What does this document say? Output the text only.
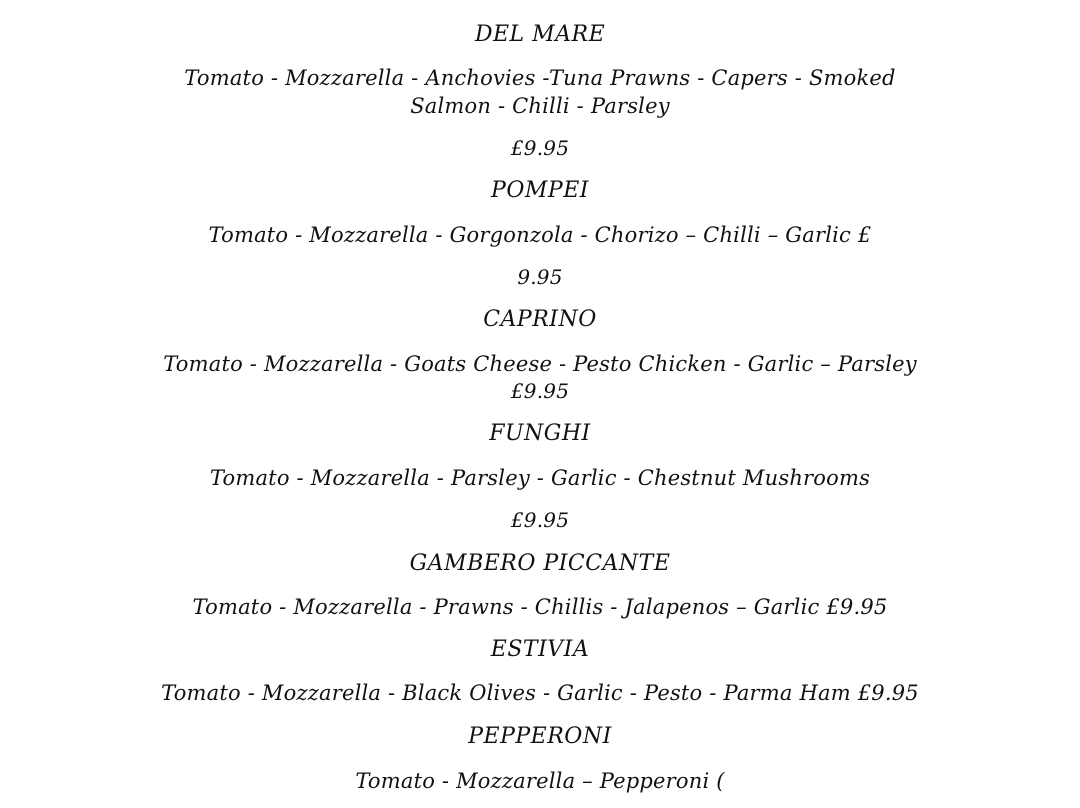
DEL MARE
Tomato - Mozzarella - Anchovies -Tuna Prawns - Capers - Smoked
Salmon - Chilli - Parsley
£9.95
POMPEI
Tomato - Mozzarella - Gorgonzola - Chorizo – Chilli – Garlic £
9.95
CAPRINO
Tomato - Mozzarella - Goats Cheese - Pesto Chicken - Garlic – Parsley
£9.95
FUNGHI
Tomato - Mozzarella - Parsley - Garlic - Chestnut Mushrooms
£9.95
GAMBERO PICCANTE
Tomato - Mozzarella - Prawns - Chillis - Jalapenos – Garlic £9.95
ESTIVIA
Tomato - Mozzarella - Black Olives - Garlic - Pesto - Parma Ham £9.95
PEPPERONI
Tomato - Mozzarella – Pepperoni (
